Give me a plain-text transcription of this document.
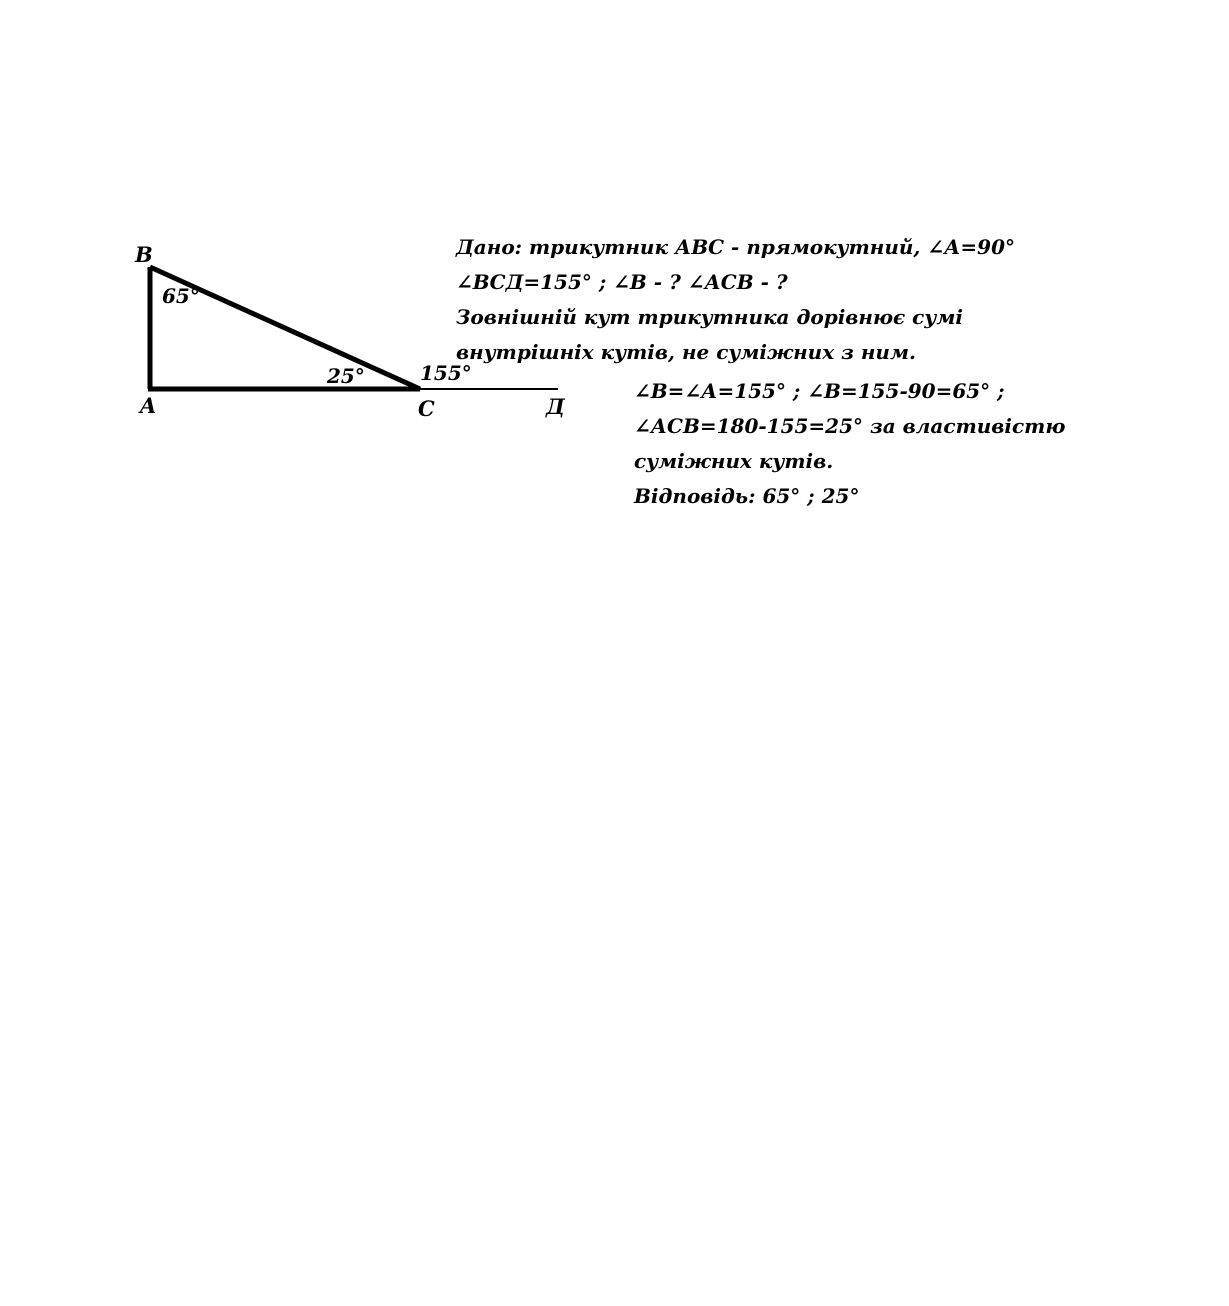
B
A	C	Д
65°
25°	155°
Дано: трикутник АВС - прямокутний, ∠А=90°
∠ВСД=155° ; ∠В - ? ∠АСВ - ?
Зовнішній кут трикутника дорівнює сумі
внутрішніх кутів, не суміжних з ним.
∠В=∠А=155° ; ∠В=155-90=65° ;
∠АСВ=180-155=25° за властивістю
суміжних кутів.
Відповідь: 65° ; 25°
